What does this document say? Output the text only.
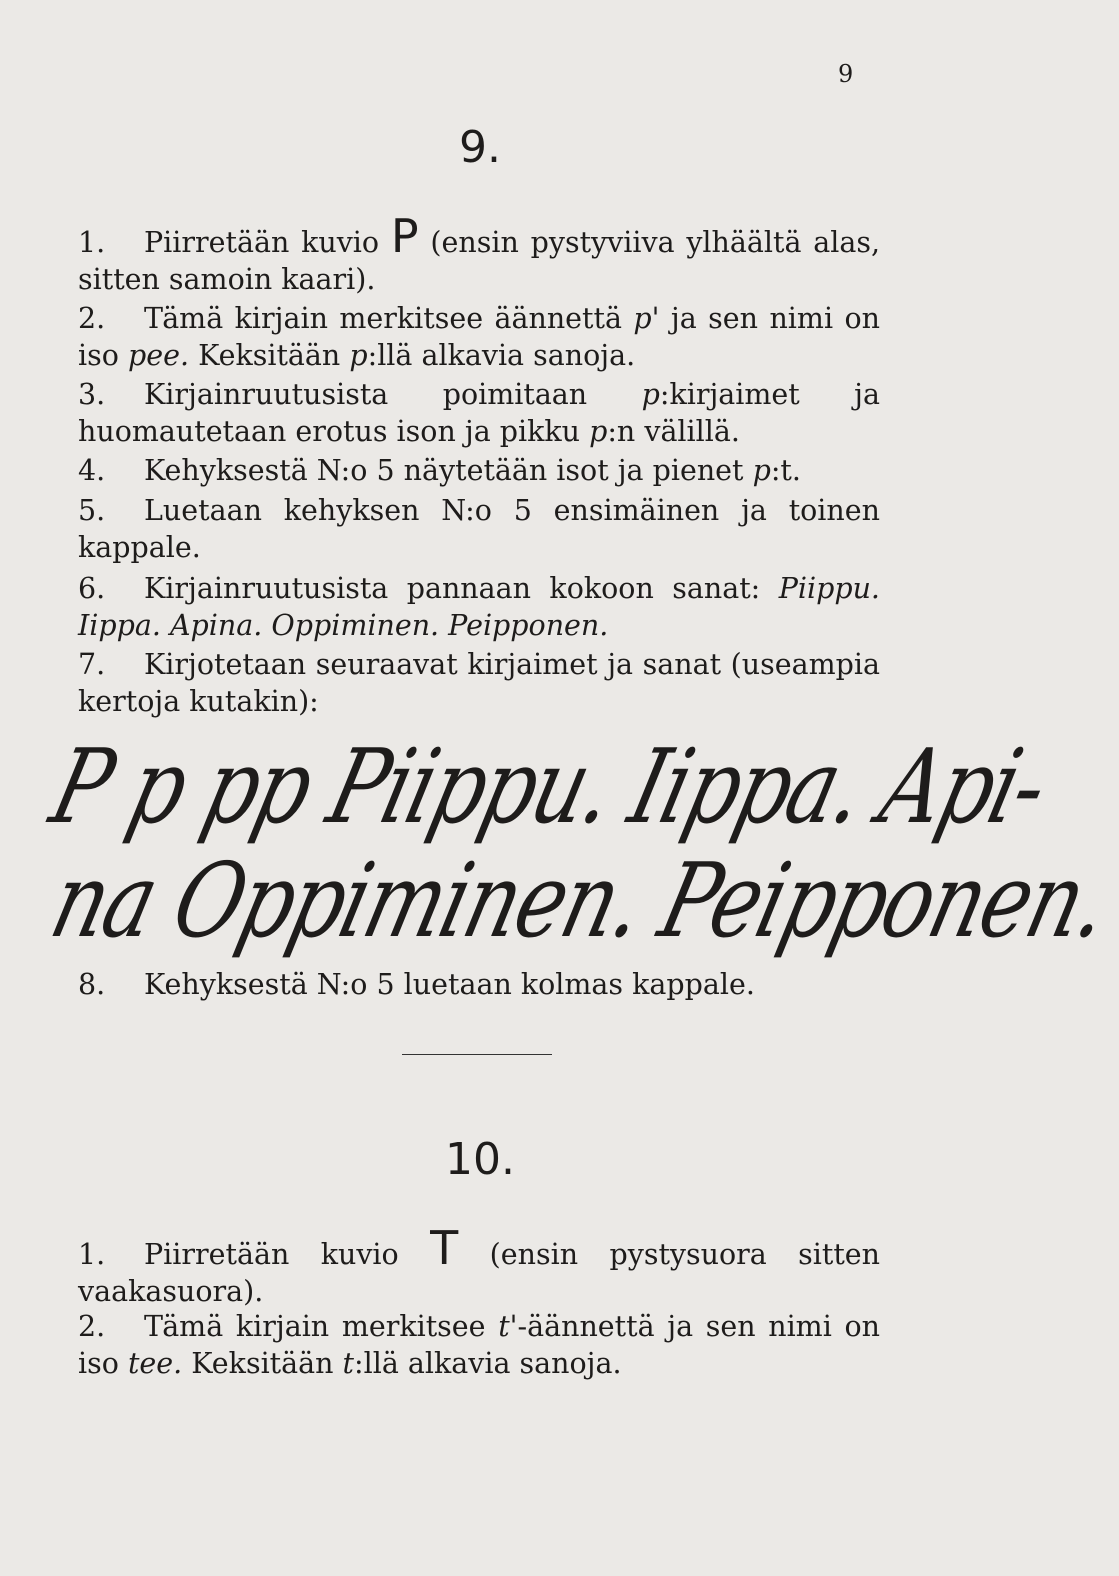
9
9.
1. Piirretään kuvio P (ensin pystyviiva ylhäältä alas, sitten samoin kaari).
2. Tämä kirjain merkitsee äännettä p' ja sen nimi on iso pee. Keksitään p:llä alkavia sanoja.
3. Kirjainruutusista poimitaan p:kirjaimet ja huomautetaan erotus ison ja pikku p:n välillä.
4. Kehyksestä N:o 5 näytetään isot ja pienet p:t.
5. Luetaan kehyksen N:o 5 ensimäinen ja toinen kappale.
6. Kirjainruutusista pannaan kokoon sanat: Piippu. Iippa. Apina. Oppiminen. Peipponen.
7. Kirjotetaan seuraavat kirjaimet ja sanat (useampia kertoja kutakin):
P p pp Piippu. Iippa. Api-
na Oppiminen. Peipponen.
8. Kehyksestä N:o 5 luetaan kolmas kappale.
10.
1. Piirretään kuvio T (ensin pystysuora sitten vaakasuora).
2. Tämä kirjain merkitsee t'-äännettä ja sen nimi on iso tee. Keksitään t:llä alkavia sanoja.
